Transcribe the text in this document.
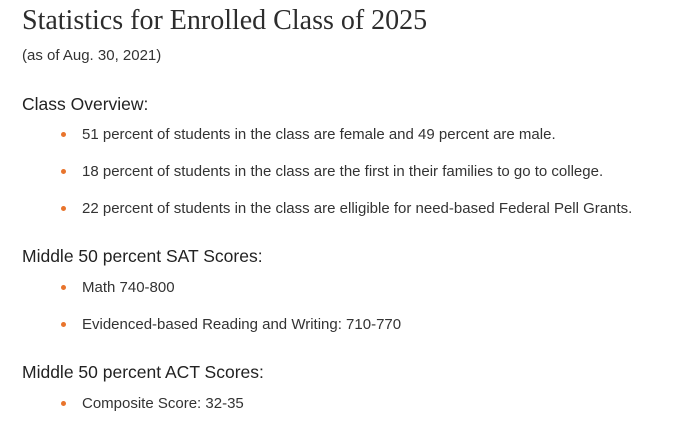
Statistics for Enrolled Class of 2025

(as of Aug. 30, 2021)

Class Overview:
51 percent of students in the class are female and 49 percent are male.
18 percent of students in the class are the first in their families to go to college.
22 percent of students in the class are elligible for need-based Federal Pell Grants.
Middle 50 percent SAT Scores:
Math 740-800
Evidenced-based Reading and Writing: 710-770
Middle 50 percent ACT Scores:
Composite Score: 32-35
